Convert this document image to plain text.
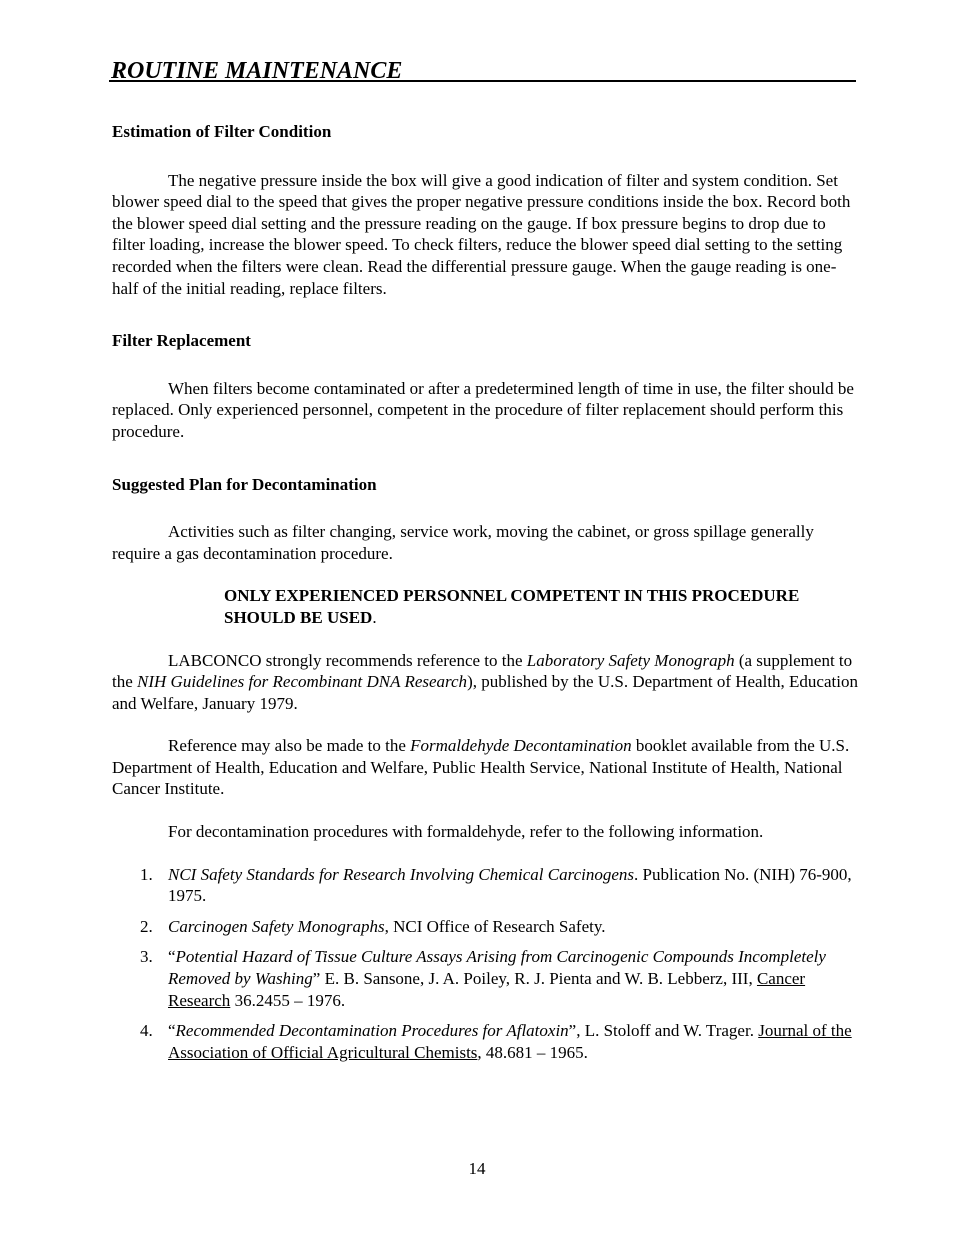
ROUTINE MAINTENANCE

Estimation of Filter Condition

The negative pressure inside the box will give a good indication of filter and system condition. Set blower speed dial to the speed that gives the proper negative pressure conditions inside the box. Record both the blower speed dial setting and the pressure reading on the gauge. If box pressure begins to drop due to filter loading, increase the blower speed. To check filters, reduce the blower speed dial setting to the setting recorded when the filters were clean. Read the differential pressure gauge. When the gauge reading is one-half of the initial reading, replace filters.

Filter Replacement

When filters become contaminated or after a predetermined length of time in use, the filter should be replaced. Only experienced personnel, competent in the procedure of filter replacement should perform this procedure.

Suggested Plan for Decontamination

Activities such as filter changing, service work, moving the cabinet, or gross spillage generally require a gas decontamination procedure.

ONLY EXPERIENCED PERSONNEL COMPETENT IN THIS PROCEDURE SHOULD BE USED.

LABCONCO strongly recommends reference to the Laboratory Safety Monograph (a supplement to the NIH Guidelines for Recombinant DNA Research), published by the U.S. Department of Health, Education and Welfare, January 1979.

Reference may also be made to the Formaldehyde Decontamination booklet available from the U.S. Department of Health, Education and Welfare, Public Health Service, National Institute of Health, National Cancer Institute.

For decontamination procedures with formaldehyde, refer to the following information.

1. NCI Safety Standards for Research Involving Chemical Carcinogens. Publication No. (NIH) 76-900, 1975.
2. Carcinogen Safety Monographs, NCI Office of Research Safety.
3. “Potential Hazard of Tissue Culture Assays Arising from Carcinogenic Compounds Incompletely Removed by Washing” E. B. Sansone, J. A. Poiley, R. J. Pienta and W. B. Lebberz, III, Cancer Research 36.2455 – 1976.
4. “Recommended Decontamination Procedures for Aflatoxin”, L. Stoloff and W. Trager. Journal of the Association of Official Agricultural Chemists, 48.681 – 1965.
14
